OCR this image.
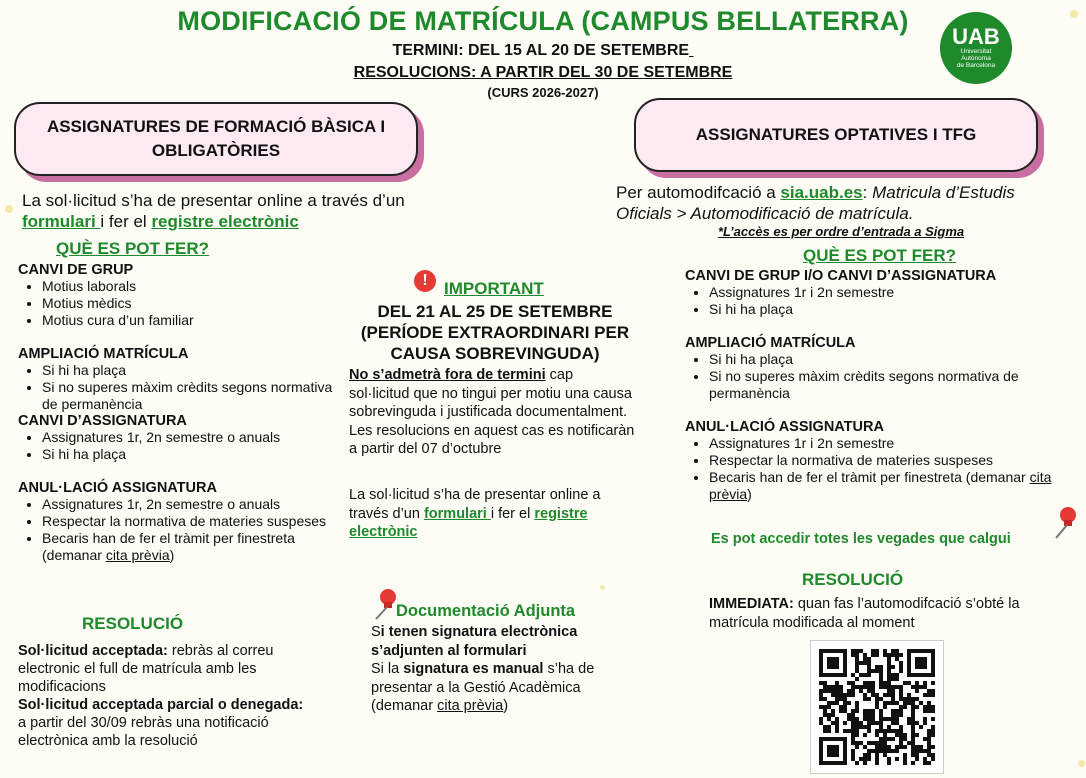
MODIFICACIÓ DE MATRÍCULA (CAMPUS BELLATERRA)
TERMINI: DEL 15 AL 20 DE SETEMBRE
RESOLUCIONS: A PARTIR DEL 30 DE SETEMBRE
(CURS 2026-2027)
UAB
Universitat
Autònoma
de Barcelona
ASSIGNATURES DE FORMACIÓ BÀSICA I OBLIGATÒRIES
La sol·licitud s’ha de presentar online a través d’un
formulari i fer el registre electrònic
QUÈ ES POT FER?
CANVI DE GRUP
• Motius laborals
• Motius mèdics
• Motius cura d’un familiar
AMPLIACIÓ MATRÍCULA
• Si hi ha plaça
• Si no superes màxim crèdits segons normativa de permanència
CANVI D’ASSIGNATURA
• Assignatures 1r, 2n semestre o anuals
• Si hi ha plaça
ANUL·LACIÓ ASSIGNATURA
• Assignatures 1r, 2n semestre o anuals
• Respectar la normativa de materies suspeses
• Becaris han de fer el tràmit per finestreta (demanar cita prèvia)
RESOLUCIÓ
Sol·licitud acceptada: rebràs al correu electronic el full de matrícula amb les modificacions
Sol·licitud acceptada parcial o denegada:
a partir del 30/09 rebràs una notificació electrònica amb la resolució
! IMPORTANT
DEL 21 AL 25 DE SETEMBRE (PERÍODE EXTRAORDINARI PER CAUSA SOBREVINGUDA)
No s’admetrà fora de termini cap sol·licitud que no tingui per motiu una causa sobrevinguda i justificada documentalment. Les resolucions en aquest cas es notificaràn a partir del 07 d’octubre
La sol·licitud s’ha de presentar online a través d’un formulari i fer el registre electrònic
Documentació Adjunta
Si tenen signatura electrònica s’adjunten al formulari
Si la signatura es manual s’ha de presentar a la Gestió Acadèmica (demanar cita prèvia)
ASSIGNATURES OPTATIVES I TFG
Per automodifcació a sia.uab.es: Matricula d’Estudis Oficials > Automodificació de matrícula.
*L’accès es per ordre d’entrada a Sigma
QUÈ ES POT FER?
CANVI DE GRUP I/O CANVI D’ASSIGNATURA
• Assignatures 1r i 2n semestre
• Si hi ha plaça
AMPLIACIÓ MATRÍCULA
• Si hi ha plaça
• Si no superes màxim crèdits segons normativa de permanència
ANUL·LACIÓ ASSIGNATURA
• Assignatures 1r i 2n semestre
• Respectar la normativa de materies suspeses
• Becaris han de fer el tràmit per finestreta (demanar cita prèvia)
Es pot accedir totes les vegades que calgui
RESOLUCIÓ
IMMEDIATA: quan fas l’automodifcació s’obté la matrícula modificada al moment
